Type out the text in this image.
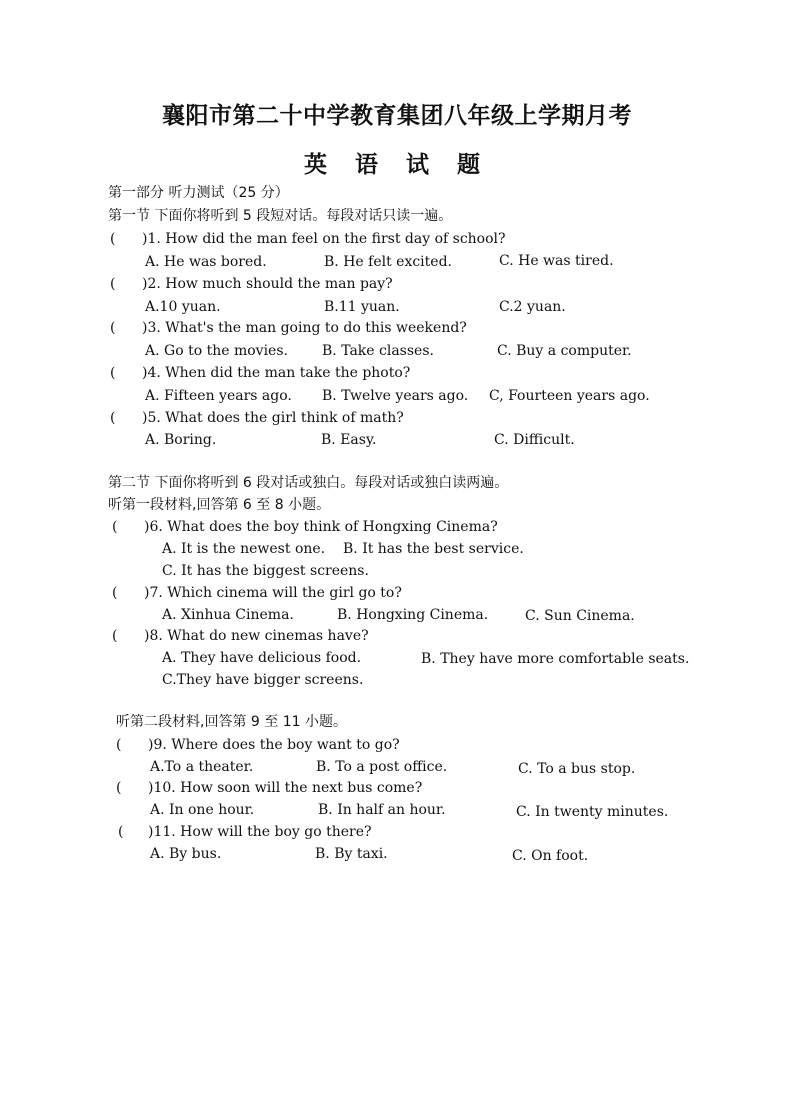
襄阳市第二十中学教育集团八年级上学期月考
英 语 试 题
第一部分 听力测试（25 分）
第一节 下面你将听到 5 段短对话。每段对话只读一遍。
( )1. How did the man feel on the first day of school?
A. He was bored.	B. He felt excited.	C. He was tired.
( )2. How much should the man pay?
A.10 yuan.	B.11 yuan.	C.2 yuan.
( )3. What's the man going to do this weekend?
A. Go to the movies. B. Take classes.	C. Buy a computer.
( )4. When did the man take the photo?
A. Fifteen years ago. B. Twelve years ago. C, Fourteen years ago.
( )5. What does the girl think of math?
A. Boring.	B. Easy.	C. Difficult.
第二节 下面你将听到 6 段对话或独白。每段对话或独白读两遍。
听第一段材料,回答第 6 至 8 小题。
( )6. What does the boy think of Hongxing Cinema?
A. It is the newest one. B. It has the best service.
C. It has the biggest screens.
( )7. Which cinema will the girl go to?
A. Xinhua Cinema.	B. Hongxing Cinema.	C. Sun Cinema.
( )8. What do new cinemas have?
A. They have delicious food.	B. They have more comfortable seats.
C.They have bigger screens.
听第二段材料,回答第 9 至 11 小题。
( )9. Where does the boy want to go?
A.To a theater.	B. To a post office.	C. To a bus stop.
( )10. How soon will the next bus come?
A. In one hour.	B. In half an hour.	C. In twenty minutes.
( )11. How will the boy go there?
A. By bus.	B. By taxi.	C. On foot.
